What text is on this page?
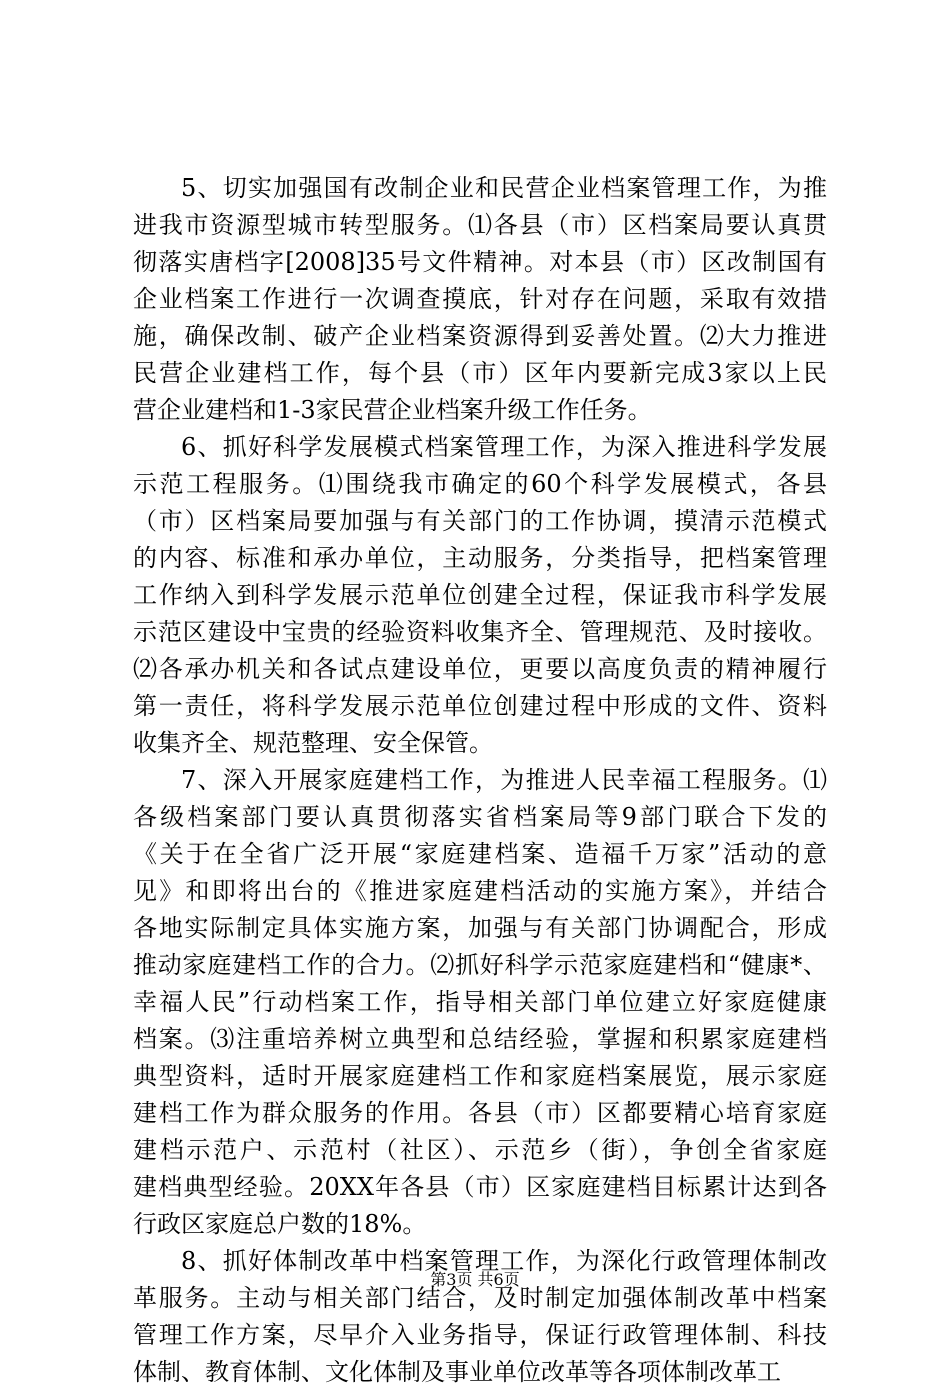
5、切实加强国有改制企业和民营企业档案管理工作，为推
进我市资源型城市转型服务。⑴各县（市）区档案局要认真贯
彻落实唐档字[2008]35号文件精神。对本县（市）区改制国有
企业档案工作进行一次调查摸底，针对存在问题，采取有效措
施，确保改制、破产企业档案资源得到妥善处置。⑵大力推进
民营企业建档工作，每个县（市）区年内要新完成3家以上民
营企业建档和1-3家民营企业档案升级工作任务。
6、抓好科学发展模式档案管理工作，为深入推进科学发展
示范工程服务。⑴围绕我市确定的60个科学发展模式，各县
（市）区档案局要加强与有关部门的工作协调，摸清示范模式
的内容、标准和承办单位，主动服务，分类指导，把档案管理
工作纳入到科学发展示范单位创建全过程，保证我市科学发展
示范区建设中宝贵的经验资料收集齐全、管理规范、及时接收。
⑵各承办机关和各试点建设单位，更要以高度负责的精神履行
第一责任，将科学发展示范单位创建过程中形成的文件、资料
收集齐全、规范整理、安全保管。
7、深入开展家庭建档工作，为推进人民幸福工程服务。⑴
各级档案部门要认真贯彻落实省档案局等9部门联合下发的
《关于在全省广泛开展“家庭建档案、造福千万家”活动的意
见》和即将出台的《推进家庭建档活动的实施方案》，并结合
各地实际制定具体实施方案，加强与有关部门协调配合，形成
推动家庭建档工作的合力。⑵抓好科学示范家庭建档和“健康*、
幸福人民”行动档案工作，指导相关部门单位建立好家庭健康
档案。⑶注重培养树立典型和总结经验，掌握和积累家庭建档
典型资料，适时开展家庭建档工作和家庭档案展览，展示家庭
建档工作为群众服务的作用。各县（市）区都要精心培育家庭
建档示范户、示范村（社区）、示范乡（街），争创全省家庭
建档典型经验。20XX年各县（市）区家庭建档目标累计达到各
行政区家庭总户数的18%。
8、抓好体制改革中档案管理工作，为深化行政管理体制改
革服务。主动与相关部门结合，及时制定加强体制改革中档案
管理工作方案，尽早介入业务指导，保证行政管理体制、科技
体制、教育体制、文化体制及事业单位改革等各项体制改革工
第3页 共6页
